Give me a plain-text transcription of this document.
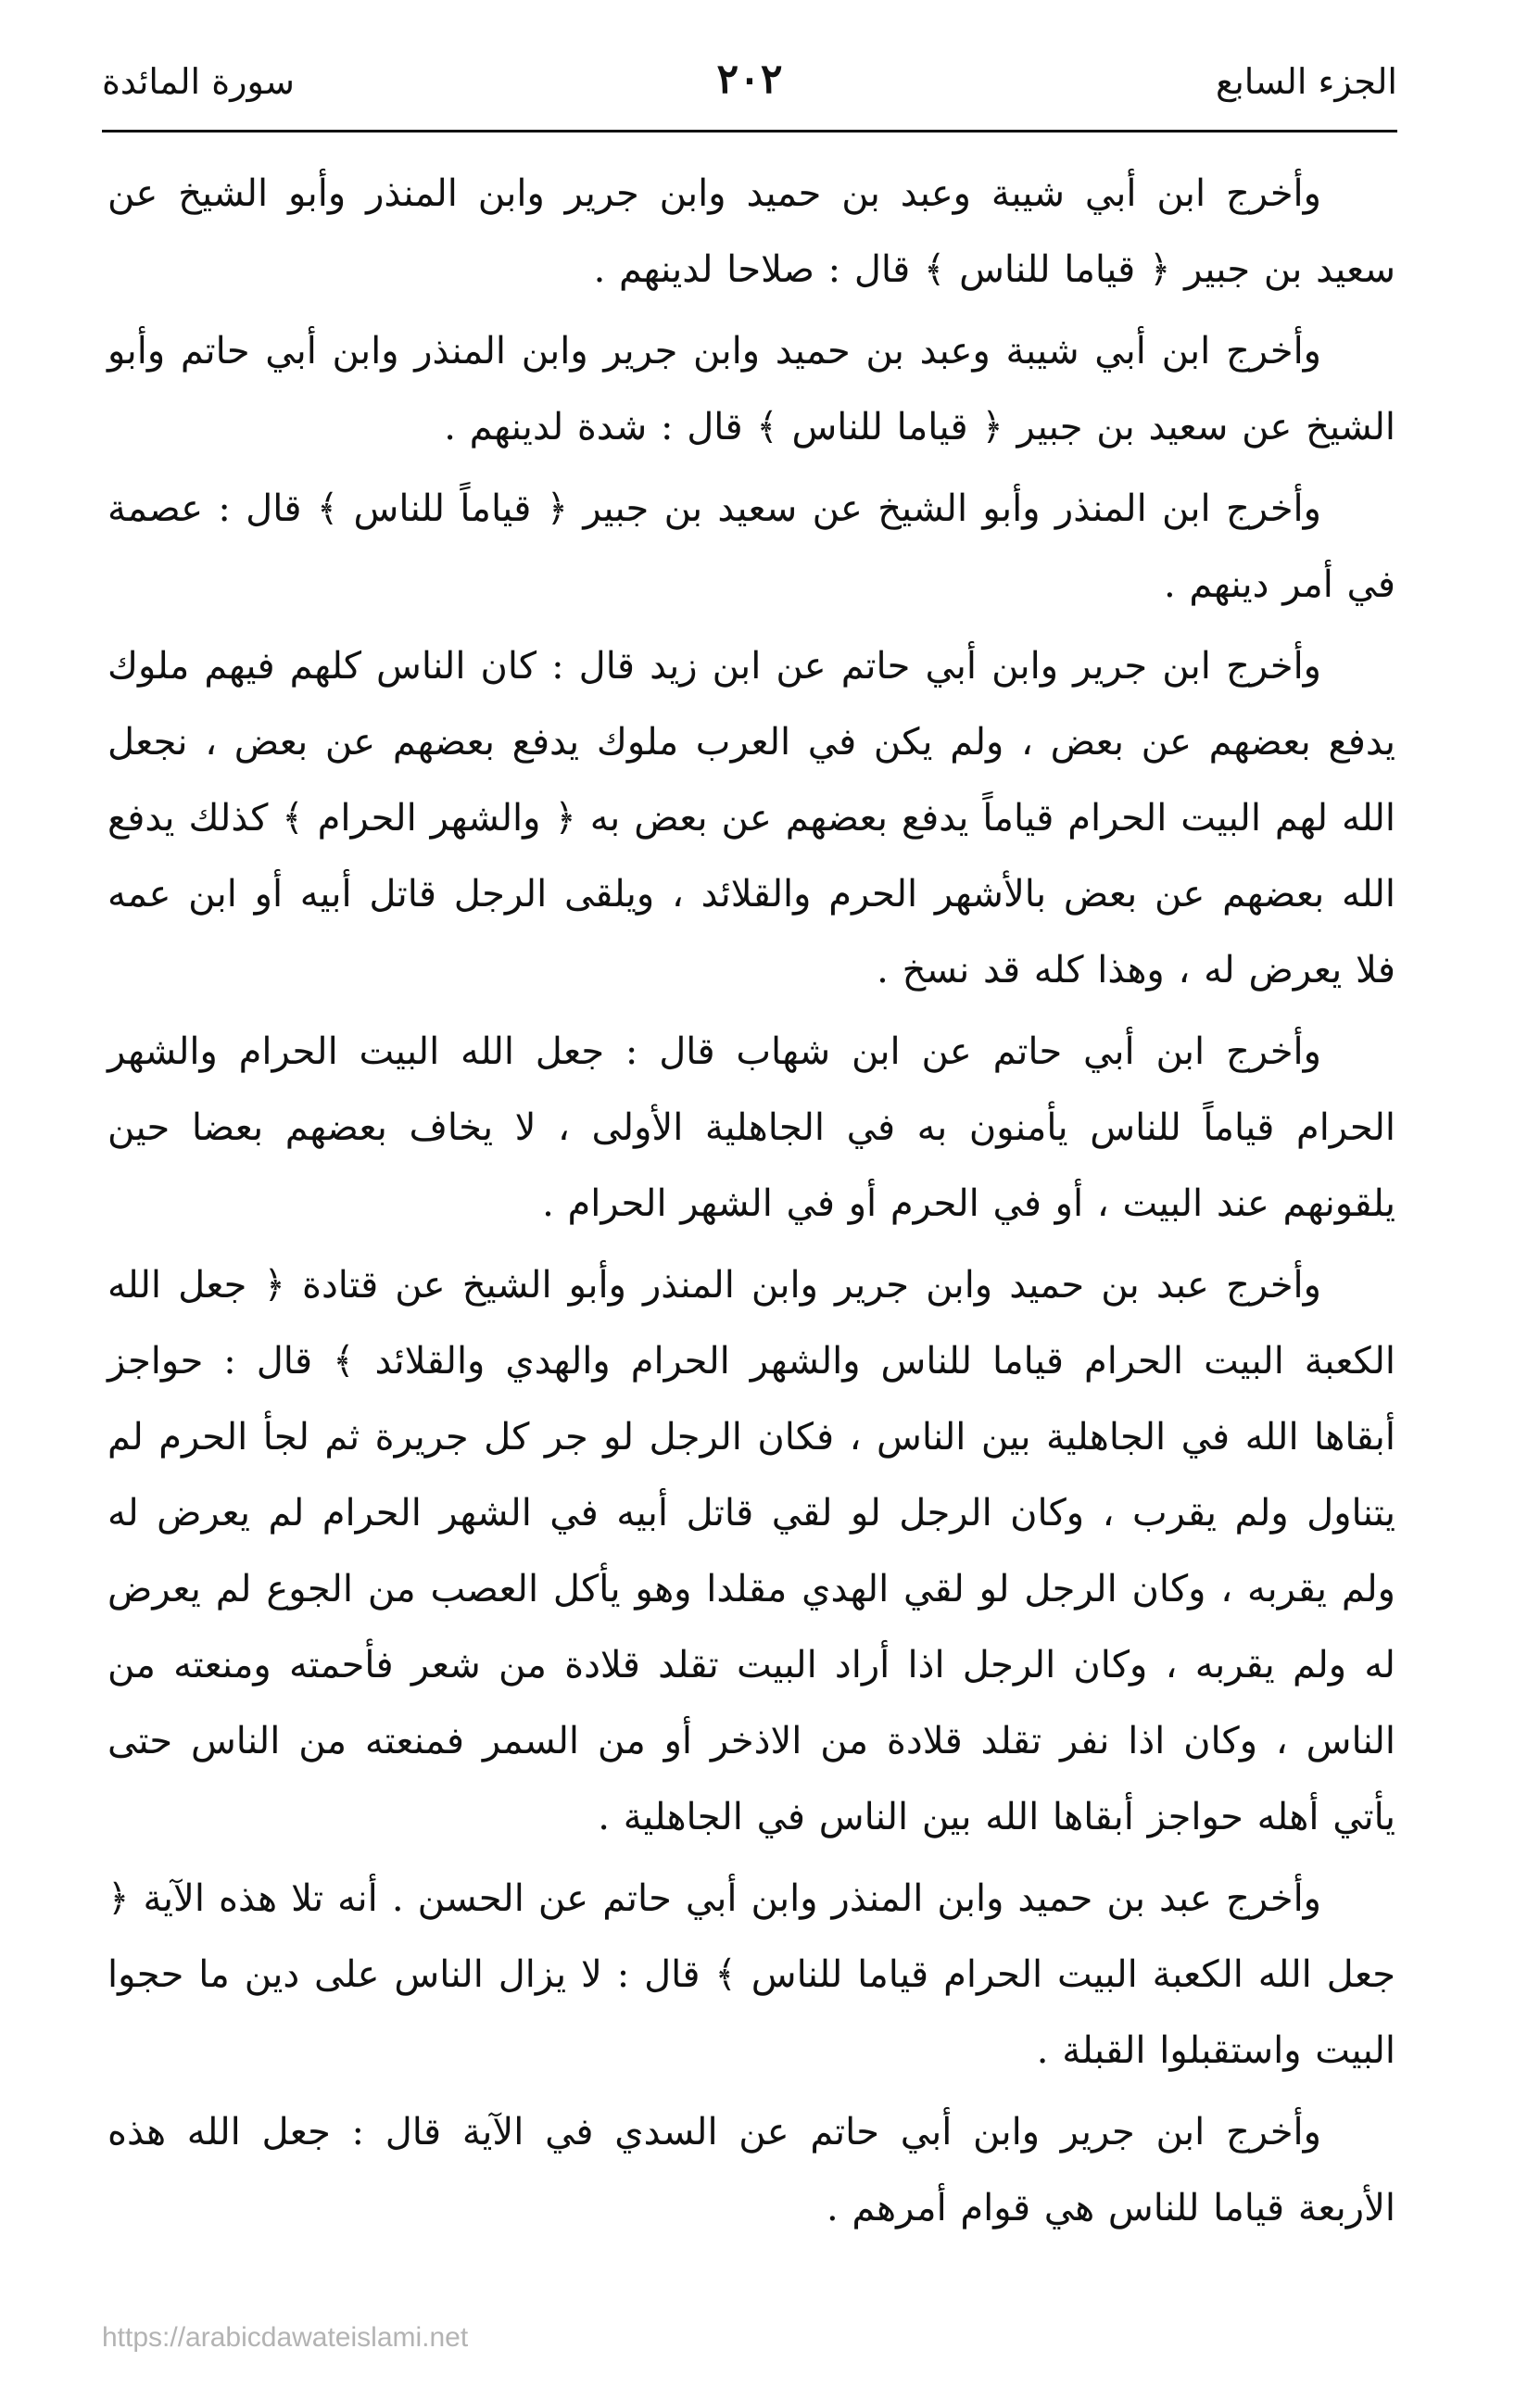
الجزء السابع
٢٠٢
سورة المائدة

وأخرج ابن أبي شيبة وعبد بن حميد وابن جرير وابن المنذر وأبو الشيخ عن سعيد بن جبير ﴿ قياما للناس ﴾ قال : صلاحا لدينهم .

وأخرج ابن أبي شيبة وعبد بن حميد وابن جرير وابن المنذر وابن أبي حاتم وأبو الشيخ عن سعيد بن جبير ﴿ قياما للناس ﴾ قال : شدة لدينهم .

وأخرج ابن المنذر وأبو الشيخ عن سعيد بن جبير ﴿ قياماً للناس ﴾ قال : عصمة في أمر دينهم .

وأخرج ابن جرير وابن أبي حاتم عن ابن زيد قال : كان الناس كلهم فيهم ملوك يدفع بعضهم عن بعض ، ولم يكن في العرب ملوك يدفع بعضهم عن بعض ، نجعل الله لهم البيت الحرام قياماً يدفع بعضهم عن بعض به ﴿ والشهر الحرام ﴾ كذلك يدفع الله بعضهم عن بعض بالأشهر الحرم والقلائد ، ويلقى الرجل قاتل أبيه أو ابن عمه فلا يعرض له ، وهذا كله قد نسخ .

وأخرج ابن أبي حاتم عن ابن شهاب قال : جعل الله البيت الحرام والشهر الحرام قياماً للناس يأمنون به في الجاهلية الأولى ، لا يخاف بعضهم بعضا حين يلقونهم عند البيت ، أو في الحرم أو في الشهر الحرام .

وأخرج عبد بن حميد وابن جرير وابن المنذر وأبو الشيخ عن قتادة ﴿ جعل الله الكعبة البيت الحرام قياما للناس والشهر الحرام والهدي والقلائد ﴾ قال : حواجز أبقاها الله في الجاهلية بين الناس ، فكان الرجل لو جر كل جريرة ثم لجأ الحرم لم يتناول ولم يقرب ، وكان الرجل لو لقي قاتل أبيه في الشهر الحرام لم يعرض له ولم يقربه ، وكان الرجل لو لقي الهدي مقلدا وهو يأكل العصب من الجوع لم يعرض له ولم يقربه ، وكان الرجل اذا أراد البيت تقلد قلادة من شعر فأحمته ومنعته من الناس ، وكان اذا نفر تقلد قلادة من الاذخر أو من السمر فمنعته من الناس حتى يأتي أهله حواجز أبقاها الله بين الناس في الجاهلية .

وأخرج عبد بن حميد وابن المنذر وابن أبي حاتم عن الحسن . أنه تلا هذه الآية ﴿ جعل الله الكعبة البيت الحرام قياما للناس ﴾ قال : لا يزال الناس على دين ما حجوا البيت واستقبلوا القبلة .

وأخرج ابن جرير وابن أبي حاتم عن السدي في الآية قال : جعل الله هذه الأربعة قياما للناس هي قوام أمرهم .

https://arabicdawateislami.net
